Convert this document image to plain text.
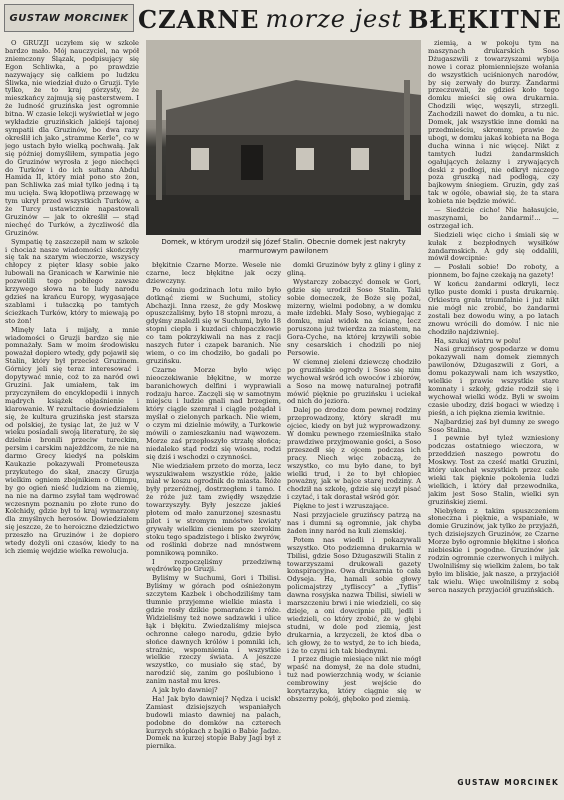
GUSTAW MORCINEK CZARNE morze jest BŁĘKITNE

O GRUZJI uczyłem się w szkole bardzo mało. Mój nauczyciel, na wpół zniemczony Ślązak, podpisujący się Egon Schliwka, a po prawdzie nazywający się całkiem po ludzku Śliwka, nie wiedział dużo o Gruzji. Tyle tylko, że to kraj górzysty, że mieszkańcy zajmują się pasterstwem. I że ludność gruzińska jest ogromnie bitna. W czasie lekcji wyświetlał w jego wykładzie gruzińskich jakiejś tajonej sympatii dla Gruzinów, bo dwa razy określił ich jako „stramme Kerle”, co w jego ustach było wielką pochwałą. Jak się później domyśliłem, sympatia jego do Gruzinów wyrosła z jego niechęci do Turków i do ich sułtana Abdul Hamida II, który miał pono sto żon, pan Schliwka zaś miał tylko jedną i tą mu ucięła. Swą kłopotliwą przewagę w tym ukrył przed wszystkich Turków, a że Turcy ustawicznie napastowali Gruzinów — jak to określił — stąd niechęć do Turków, a życzliwość dla Gruzinów.

Sympatię tę zaszczepił nam w szkole i chociaż nasze wiadomości skończyły się tak na szarym wieczorze, wszyscy chłopcy z pięter klasy sobie jako lubowali na Granicach w Karwinie nie pozwolili tego pobiłego zawsze krzywego słowa na te ludy narodu gdzieś na krańcu Europy, wygasające szablami i tułaczką po tamtych ścieżkach Turków, który to miewają po sto żon!

Minęły lata i mijały, a mnie wiadomości o Gruzji bardzo się nie pomnażały. Sam w moim środowisku poważał dopiero wtedy, gdy pojawił się Stalin, który był przecież Gruzinem. Górnicy jeli się teraz interesować i dopytywać mnie, coż to za naród owi Gruzini. Jak umiałem, tak im przyczyniłem do encyklopedii i innych mądrych książek objaśnienie i klarowanie. W rezultacie dowiedziałem się, że kultura gruzińska jest starsza od polskiej, że tysiąc lat, że już w V wieku posiadali swoją literaturę, że się dzielnie bronili przeciw tureckim, persim i carskim najeźdźcom, że nie na darmo Grecy kiedyś na polskim Kaukazie pokazywali Prometeusza przykutego do skał, znaczy Gruzja wielkim ogniem zbojnikiem o Olimpu, by go ogień nieść ludziom na ziemię, na nie na darmo zsyłał tam wędrować wczesnym poznaniu po złote runo do Kolchidy, gdzie był to kraj wymarzony dla zmyślnych herosów. Dowiedziałem się jeszcze, że to heroiczne dziedzictwo przeszło na Gruzinów i że dopiero wtedy dożyli oni czasów, kiedy to na ich ziemię wejdzie wielka rewolucja.

Domek, w którym urodził się Józef Stalin. Obecnie domek jest nakryty marmurowym pawilonem

błękitnie Czarne Morze. Wesele nie czarne, lecz błękitne jak oczy dziewczyny.

Po ośmiu godzinach lotu miło było dotknąć ziemi w Suchumi, stolicy Abchazji. Inna rzesz, że gdy Moskwę opuszczaliśmy, było 18 stopni mrozu, a gdyśmy znaleźli się w Suchumi, było 18 stopni ciepła i kuzdaci chłopaczkowie co tam pokrzykiwali na nas z racji naszych futer i czapek baranich. Nie wiem, o co im chodziło, bo gadali po gruzińsku.

Czarne Morze było więc nieoczekiwanie błękitne, w morze baranichowych delfini i wyprawiali rodzaju harce. Zaczęli się w samotnym miejscu i ludzie gnali nad brzegiem, który ciągle szemrał i ciągle pożądał i myślał o zielonych parkach. Nie wiem, o czym mi dzielnie mówiły, a Turkowie mówili o zamieszkaniu nad wąwozem. Morze zaś przepłoszyło strzałę słońca; niedaleko stąd rodzi się wiosna, rodzi się dziś i wschodzi o czynności.

Nie wiedziałem przeto do morza, lecz wyszukiwałem wszystkie róże, jakie miał w koszu ogrodnik do miasta. Róże były przeróżnej, dostrzegłem i tamo. I że róże już tam zwiędły wszędzie towarzyszyły. Były jeszcze jakieś płotem od mało zanurzonej szesnastu pilot i w stromym mnóstwo kwiaty grywały wielkim cieniem po szerokim stoku tego spadzistego i blisko żwyrów, od roślinki dobrze nad mnóstwem pomnikową pomniko.

I rozpoczęliśmy przedziwną wędrówkę po Gruzji.

Byliśmy w Suchumi, Gori i Tbilisi. Byliśmy w górach pod ośnieżonym szczytem Kazbek i obchodziliśmy tam tłumnie przyjemne wielkie miasta i gdzie rosły dzikie pomarańcze i róże. Widzieliśmy też nowe sadzawki i ulice łąk i błękitu. Zwiedzaliśmy miejsca ochronne całego narodu, gdzie było słońce dawnych królów i pomniki ich, strażnic, wspomnienia i wszystkie wielkie rzeczy świata. A jeszcze wszystko, co musiało się stać, by narodzić się, zanim go poślubiono i zanim nastał mu kres.

A jak było dawniej?

Ha! Jak było dawniej? Nędza i ucisk! Zamiast dzisiejszych wspaniałych budowli miasto dawniej na palach, podobne do domków na czterech kurzych stópkach z bajki o Babie Jadze. Domek na kurzej stopie Baby Jagi był z piernika.

domki Gruzinów były z gliny i gliny z gliną.

Wystarczy zobaczyć domek w Gori, gdzie się urodził Soso Stalin. Taki sobie domeczek, że Boże się pożal, mizerny, wielmi podobny, a w domku małe izdebki. Mały Soso, wybiegając z domku, miał widok na ścianę, lecz poruszona już twierdza za miastem, na Gora-Cyche, na której krzywili sobie sny cesarskich i chodzili po niej Persowie.

W ciemnej zieleni dziewczę chodziło po gruzińskie ogrody i Soso się nim wychował wśród ich owoców i zbiorów, a Soso na mowę naturalnej potrafił mówić pięknie po gruzińsku i uciekał od nich do jeziora.

Dalej po drodze dom pewnej rodziny przeprowadzony, który skradł mu ojciec, kiedy on był już wyprowadzony. W domku pewnego rzemieślnika stało prawdziwe przyjmowanie gości, a Soso przeszedł się z ojcem podczas ich pracy. Niech więc zobaczą, że wszystko, co mu było dane, to był wielki trud, i że to był chłopiec poważny, jak w bajce starej rodziny. A chodził na szkołę, gdzie się uczył pisać i czytać, i tak dorastał wśród gór.

Piękne to jest i wzruszające.

Nasi przyjaciele gruzińscy patrzą na nas i dumni są ogromnie, jak chyba żaden inny naród na kuli ziemskiej.

Potem nas wiedli i pokazywali wszystko. Oto podziemna drukarnia w Tbilisi, gdzie Soso Dżugaszwili Stalin z towarzyszami drukowali gazety konspiracyjne. Owa drukarnia to cała Odyseja. Ha, hamali sobie głowy policmajstrzy „tyflisccy” a „Tyflis” dawna rosyjska nazwa Tbilisi, siwieli w marszczeniu brwi i nie wiedzieli, co się dzieje, a oni dowcipnie pili, jedli i wiedzieli, co który zrobić, że w głębi studni, w dole pod ziemią, jest drukarnia, a krzyczeli, że ktoś dba o ich głowy, że to wstyd, że to ich bieda, i że to czyni ich tak biednymi.

I przez długie miesiące nikt nie mógł wpaść na domysł, że na dole studni, tuż nad powierzchnią wody, w ścianie cembrowiny jest wejście do korytarzyka, który ciągnie się w obszerny pokój, głęboko pod ziemią.

ziemią, a w pokoju tym na maszynach drukarskich Soso Dżugaszwili z towarzyszami wybija nowe i coraz płomienniejsze wołania do wszystkich uciśnionych narodów, by się zerwały do burzy. Żandarmi przeczuwali, że gdzieś koło tego domku mieści się owa drukarnia. Chodzili więc, węszyli, strzegli. Zachodzili nawet do domku, a tu nic. Domek, jak wszystkie inne domki na przedmieściu, skromny, prawie że ubogi, w domku jakaś kobieta na Boga ducha winna i nic więcej. Nikt z tamtych ludzi żandarmskich ogałujących żelazny i zrywających deski z podłogi, nie odkrył niczego poza gruszką nad podłogą, czy bajkowym śniegiem. Gruzin, gdy zaś tak w ogóle, obawiał się, że ta stara kobieta nie będzie mówić.

— Siedźcie cicho! Nie hałasujcie, maszynami, bo żandarmi!... — ostrzegał ich.

Siedzieli więc cicho i śmiali się w kułak z bezpłodnych wysiłków żandarmskich. A gdy się oddalili, mówił dowcipnie:

— Posłali sobie! Do roboty, a pionnem, bo fajne czekają na gazety!

W końcu żandarmi odkryli, lecz tylko puste domki i pusta drukarnię. Orkiestra grała triumfalnie i już nikt nie mógł nic zrobić, bo żandarmi zostali bez dowodu winy, a po latach znowu wrócili do domów. I nic nie chodziło najdziwniej.

Ha, szukaj wiatru w polu!

Nasi gruzińscy gospodarze w domu pokazywali nam domek ziemnych pawilonów, Dżugaszwili z Gori, a domu pokazywali nam ich wszystko, wielkie i prawie wszystkie stare komnaty i szkoły, gdzie rodził się i wychował wielki wódz. Byli w swoim czasie ubodzy, dziś bogaci w wiedzę i pieśń, a ich piękna ziemia kwitnie.

Najbardziej zaś był dumny ze swego Soso Stalina.

I pewnie był tyleż wzniesiony podczas ostatniego wieczora, w przeddzień naszego powrotu do Moskwy. Tost za cześć matki Gruzini, który ukochał wszystkich przez całe wieki tak pięknie pokolenia ludzi wielkich, i który dał przewodnika, jakim jest Soso Stalin, wielki syn gruzińskiej ziemi.

Niebyłem z takim spuszczeniem słoneczna i pięknie, a wspaniałe, w domie Gruzinów, jak tylko że przyjaźń, tych dzisiejszych Gruzinów, ze Czarne Morze było ogromnie błękitne i słońca niebieskie i pogodne. Gruzinów jak rodzin ogromnie czerwonych i miłych. Uwolniliśmy się wielkim żalem, bo tak było im bliskie, jak nasze, a przyjaciół tak wielu. Więc uwolniliśmy z sobą serca naszych przyjaciół gruzińskich.

GUSTAW MORCINEK
